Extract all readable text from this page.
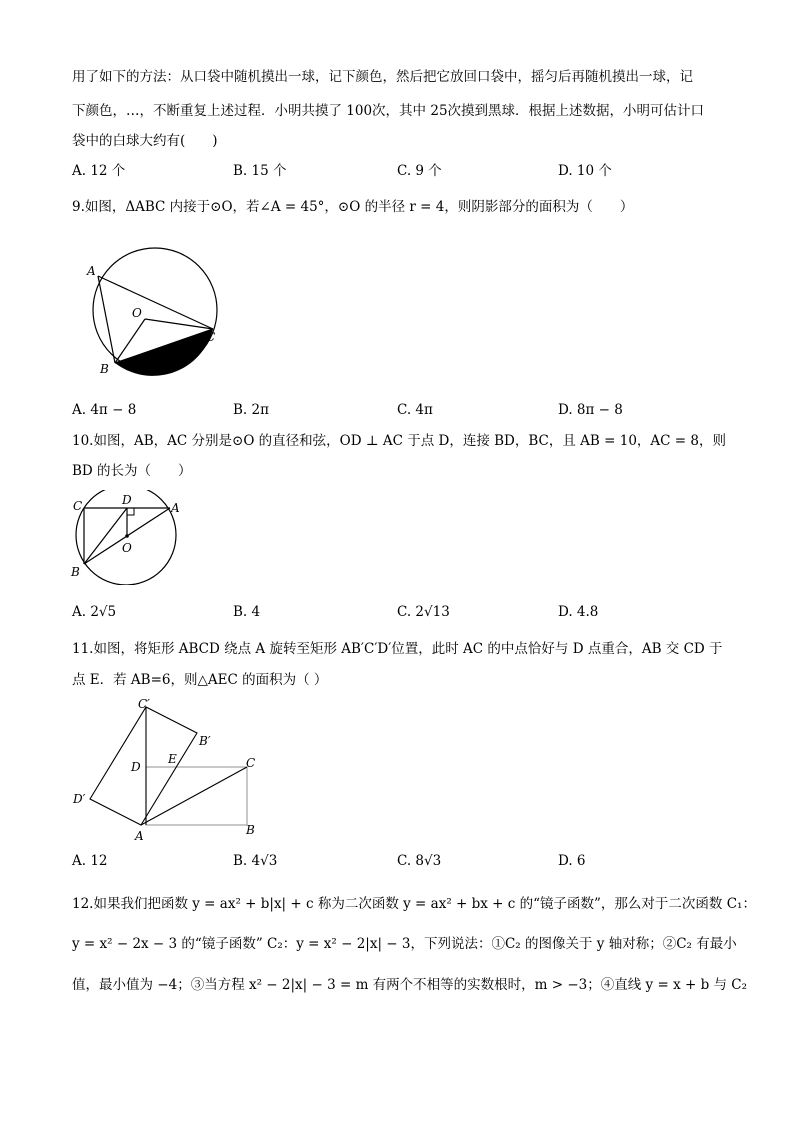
用了如下的方法：从口袋中随机摸出一球，记下颜色，然后把它放回口袋中，摇匀后再随机摸出一球，记
下颜色，…，不断重复上述过程．小明共摸了 100次，其中 25次摸到黑球．根据上述数据，小明可估计口
袋中的白球大约有(　　)
A. 12 个	B. 15 个	C. 9 个	D. 10 个
9.如图，ΔABC 内接于⊙O，若∠A = 45°，⊙O 的半径 r = 4，则阴影部分的面积为（　　）
A
O
C
B
A. 4π − 8	B. 2π	C. 4π	D. 8π − 8
10.如图，AB，AC 分别是⊙O 的直径和弦，OD ⊥ AC 于点 D，连接 BD，BC，且 AB = 10，AC = 8，则
BD 的长为（　　）
C	D
A
O
B
A. 2√5	B. 4	C. 2√13	D. 4.8
11.如图，将矩形 ABCD 绕点 A 旋转至矩形 AB′C′D′位置，此时 AC 的中点恰好与 D 点重合，AB 交 CD 于
点 E．若 AB=6，则△AEC 的面积为（ ）
C′
B′
D
E	C
D′
A	B
A. 12	B. 4√3	C. 8√3	D. 6
12.如果我们把函数 y = ax² + b|x| + c 称为二次函数 y = ax² + bx + c 的“镜子函数”，那么对于二次函数 C₁：
y = x² − 2x − 3 的“镜子函数” C₂：y = x² − 2|x| − 3，下列说法：①C₂ 的图像关于 y 轴对称；②C₂ 有最小
值，最小值为 −4；③当方程 x² − 2|x| − 3 = m 有两个不相等的实数根时，m > −3；④直线 y = x + b 与 C₂
